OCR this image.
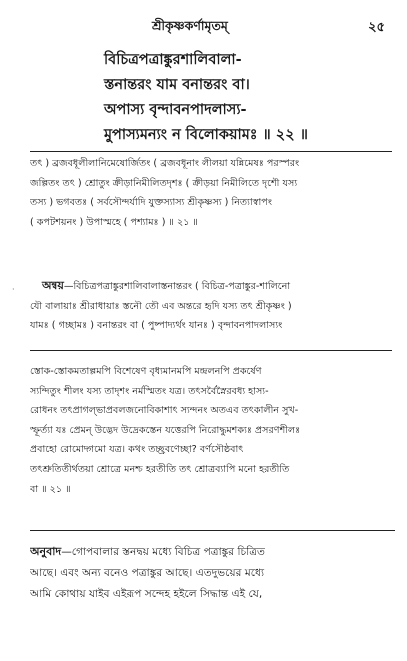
শ্রীকৃষ্ণকর্ণামৃতম্	২৫
বিচিত্রপত্রাঙ্কুরশালিবালা-
স্তনান্তরং যাম বনান্তরং বা।
অপাস্য বৃন্দাবনপাদলাস্য-
মুপাস্যমন্যং ন বিলোকয়ামঃ ॥ ২২ ॥
তৎ ) ব্রজবধূলীলানিমেষোর্জিতং ( ব্রজবধূনাং লীলয়া যন্নিমেষঃ পরস্পরং
জল্পিতং তৎ ) শ্রোতুং ক্রীড়ানিমীলিতদৃশঃ ( ক্রীড়য়া নিমীলিতে দৃশৌ যস্য
তস্য ) ভগবতঃ ( সর্বসৌন্দর্যাদি যুক্তস্যাস্য শ্রীকৃষ্ণস্য ) নিত্যাস্বাপং
( কপটশয়নং ) উপাস্মহে ( পশ্যামঃ ) ॥ ২১ ॥
·	অন্বয়—বিচিত্রপত্রাঙ্কুরশালিবালাস্তনান্তরং ( বিচিত্র-পত্রাঙ্কুর-শালিনো
যৌ বালায়াঃ শ্রীরাধায়াঃ স্তনৌ তৌ এব অন্তরে হৃদি যস্য তৎ শ্রীকৃষ্ণং )
যামঃ ( গচ্ছামঃ ) বনান্তরং বা ( পুষ্পাদ্যর্থং যানঃ ) বৃন্দাবনপাদলাস্যং
স্তোক-স্তোকমতাল্পমপি বিশেষেণ বৃধ্যমানমপি মন্দ্রলনপি প্রকর্ষেণ
স্যন্দিতুং শীলং যস্য তাদৃশং নর্মস্মিতং যত্র। তৎসর্বৈস্নৈরবধ্য হাস্য-
রোধনং তৎপ্রাগল্ভাপ্রবলজনোবিকাশাৎ স্যন্দনং অতএব তৎকালীন সুখ-
স্ফূর্ত্যা যঃ প্রেমন্ উদ্ভেদ উদ্রেকস্তেন যত্তেরপি নিরোদ্ধুমশক্যঃ প্রসরণশীলঃ
প্রবাহো রোমোদ্গমো যত্র। কথং তচ্ছ্রবণেচ্ছা? বর্ণসৌষ্ঠবাৎ
তৎশ্রুতিতীর্থতয়া শ্রোত্রে মনশ্চ হরতীতি তৎ শ্রোত্রব্যাপি মনো হরতীতি
বা ॥ ২১ ॥
অনুবাদ—গোপবালার স্তনদ্বয় মধ্যে বিচিত্র পত্রাঙ্কুর চিত্রিত
আছে। এবং অন্য বনেও পত্রাঙ্কুর আছে। এতদুভয়ের মধ্যে
আমি কোথায় যাইব এইরূপ সন্দেহ হইলে সিদ্ধান্ত এই যে,
